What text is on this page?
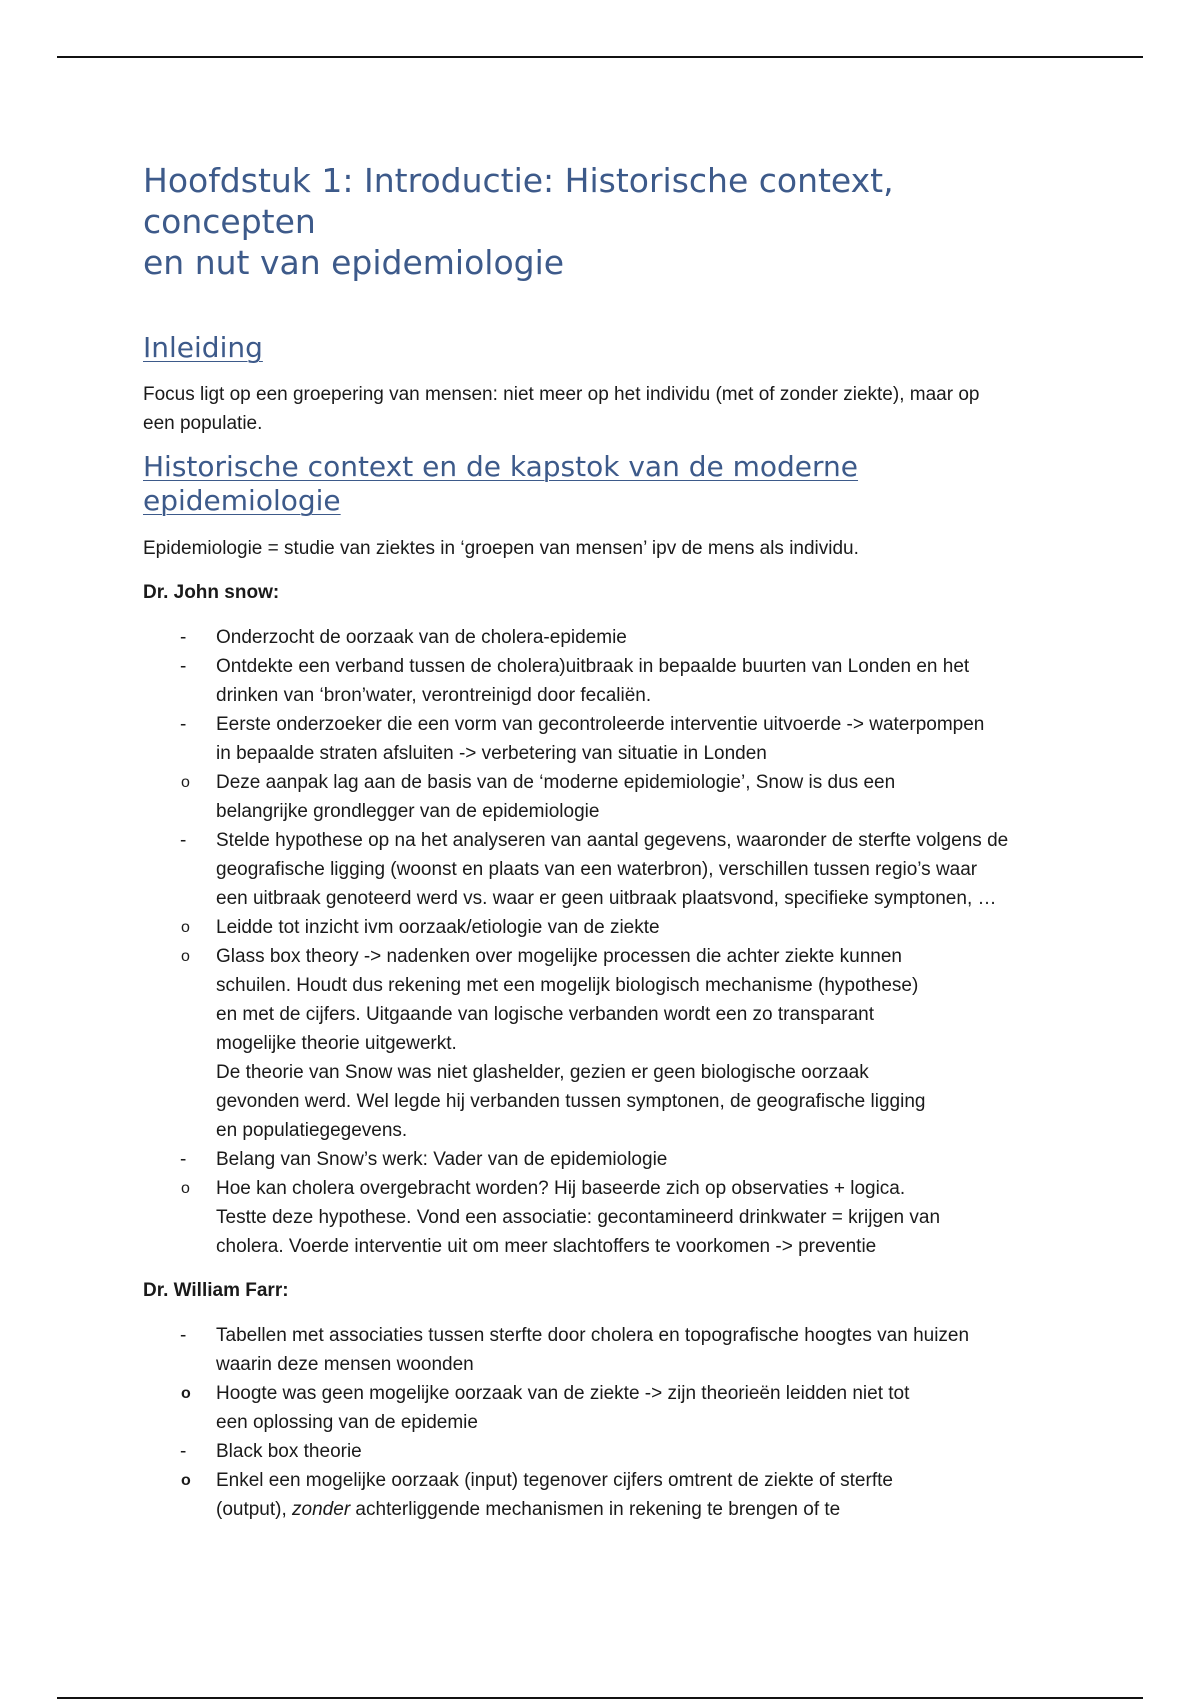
Hoofdstuk 1: Introductie: Historische context, concepten
en nut van epidemiologie
Inleiding

Focus ligt op een groepering van mensen: niet meer op het individu (met of zonder ziekte), maar op
een populatie.

Historische context en de kapstok van de moderne
epidemiologie

Epidemiologie = studie van ziektes in ‘groepen van mensen’ ipv de mens als individu.

Dr. John snow:

- Onderzocht de oorzaak van de cholera-epidemie
- Ontdekte een verband tussen de cholera)uitbraak in bepaalde buurten van Londen en het
drinken van ‘bron’water, verontreinigd door fecaliën.
- Eerste onderzoeker die een vorm van gecontroleerde interventie uitvoerde -> waterpompen
in bepaalde straten afsluiten -> verbetering van situatie in Londen
o Deze aanpak lag aan de basis van de ‘moderne epidemiologie’, Snow is dus een
belangrijke grondlegger van de epidemiologie
- Stelde hypothese op na het analyseren van aantal gegevens, waaronder de sterfte volgens de
geografische ligging (woonst en plaats van een waterbron), verschillen tussen regio’s waar
een uitbraak genoteerd werd vs. waar er geen uitbraak plaatsvond, specifieke symptonen, …
o Leidde tot inzicht ivm oorzaak/etiologie van de ziekte
o Glass box theory -> nadenken over mogelijke processen die achter ziekte kunnen
schuilen. Houdt dus rekening met een mogelijk biologisch mechanisme (hypothese)
en met de cijfers. Uitgaande van logische verbanden wordt een zo transparant
mogelijke theorie uitgewerkt.
De theorie van Snow was niet glashelder, gezien er geen biologische oorzaak
gevonden werd. Wel legde hij verbanden tussen symptonen, de geografische ligging
en populatiegegevens.
- Belang van Snow’s werk: Vader van de epidemiologie
o Hoe kan cholera overgebracht worden? Hij baseerde zich op observaties + logica.
Testte deze hypothese. Vond een associatie: gecontamineerd drinkwater = krijgen van
cholera. Voerde interventie uit om meer slachtoffers te voorkomen -> preventie

Dr. William Farr:

- Tabellen met associaties tussen sterfte door cholera en topografische hoogtes van huizen
waarin deze mensen woonden
o Hoogte was geen mogelijke oorzaak van de ziekte -> zijn theorieën leidden niet tot
een oplossing van de epidemie
- Black box theorie
o Enkel een mogelijke oorzaak (input) tegenover cijfers omtrent de ziekte of sterfte
(output), zonder achterliggende mechanismen in rekening te brengen of te
